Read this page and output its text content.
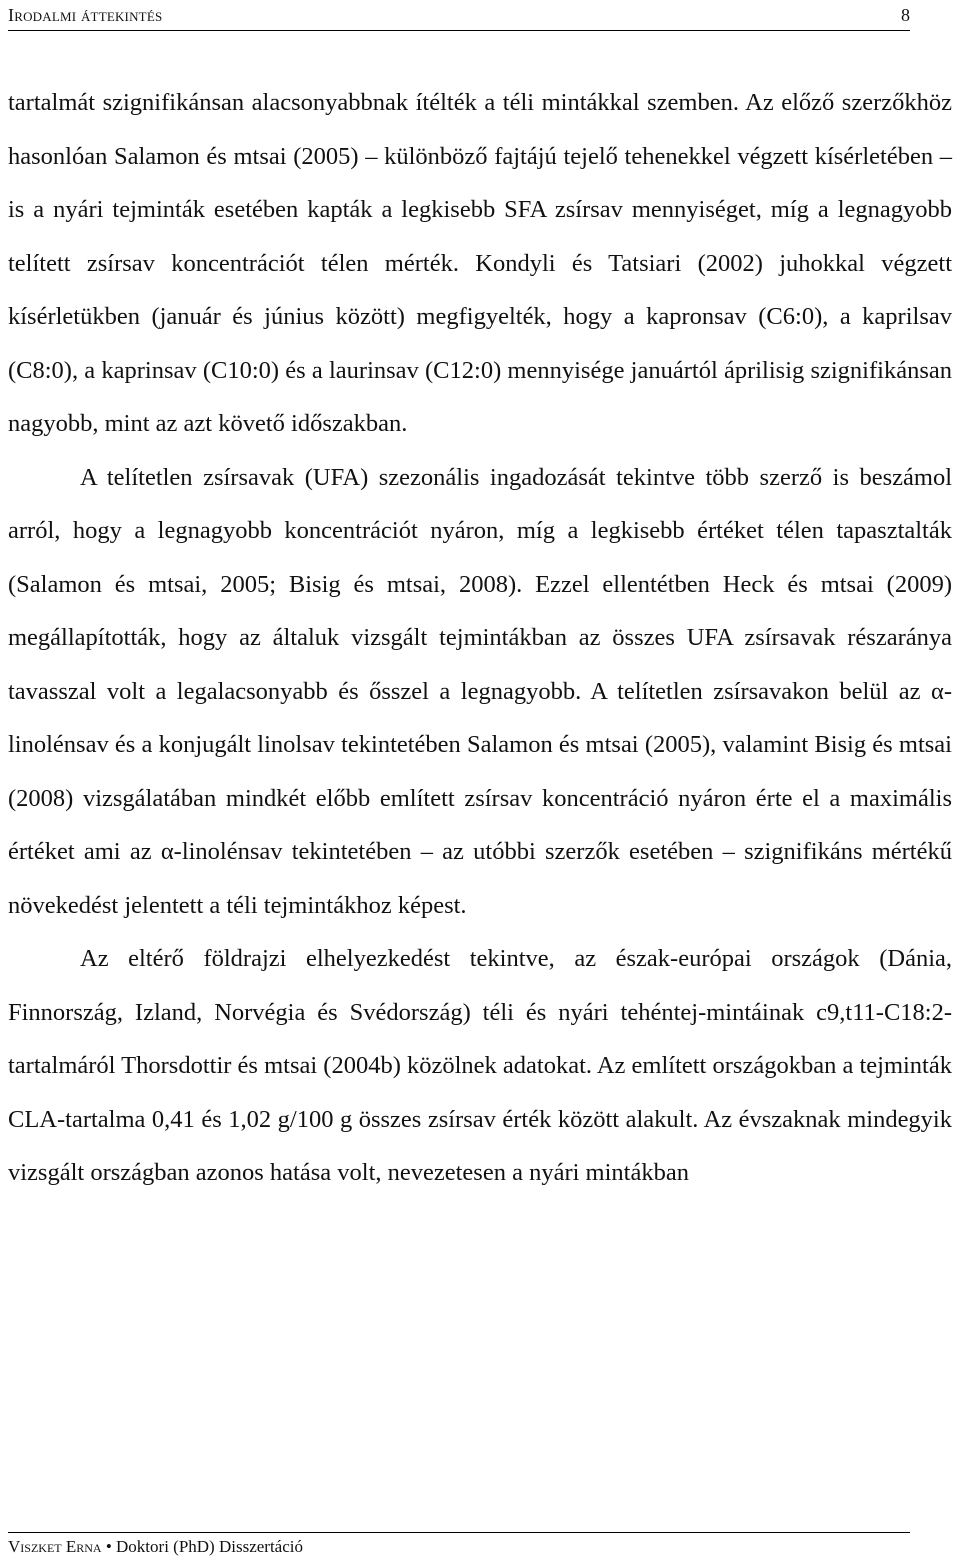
Irodalmi áttekintés	8

tartalmát szignifikánsan alacsonyabbnak ítélték a téli mintákkal szemben. Az előző szerzőkhöz hasonlóan Salamon és mtsai (2005) – különböző fajtájú tejelő tehenekkel végzett kísérletében – is a nyári tejminták esetében kapták a legkisebb SFA zsírsav mennyiséget, míg a legnagyobb telített zsírsav koncentrációt télen mérték. Kondyli és Tatsiari (2002) juhokkal végzett kísérletükben (január és június között) megfigyelték, hogy a kapronsav (C6:0), a kaprilsav (C8:0), a kaprinsav (C10:0) és a laurinsav (C12:0) mennyisége januártól áprilisig szignifikánsan nagyobb, mint az azt követő időszakban.

A telítetlen zsírsavak (UFA) szezonális ingadozását tekintve több szerző is beszámol arról, hogy a legnagyobb koncentrációt nyáron, míg a legkisebb értéket télen tapasztalták (Salamon és mtsai, 2005; Bisig és mtsai, 2008). Ezzel ellentétben Heck és mtsai (2009) megállapították, hogy az általuk vizsgált tejmintákban az összes UFA zsírsavak részaránya tavasszal volt a legalacsonyabb és ősszel a legnagyobb. A telítetlen zsírsavakon belül az α-linolénsav és a konjugált linolsav tekintetében Salamon és mtsai (2005), valamint Bisig és mtsai (2008) vizsgálatában mindkét előbb említett zsírsav koncentráció nyáron érte el a maximális értéket ami az α-linolénsav tekintetében – az utóbbi szerzők esetében – szignifikáns mértékű növekedést jelentett a téli tejmintákhoz képest.

Az eltérő földrajzi elhelyezkedést tekintve, az észak-európai országok (Dánia, Finnország, Izland, Norvégia és Svédország) téli és nyári tehéntej-mintáinak c9,t11-C18:2-tartalmáról Thorsdottir és mtsai (2004b) közölnek adatokat. Az említett országokban a tejminták CLA-tartalma 0,41 és 1,02 g/100 g összes zsírsav érték között alakult. Az évszaknak mindegyik vizsgált országban azonos hatása volt, nevezetesen a nyári mintákban

Viszket Erna • Doktori (PhD) Disszertáció
